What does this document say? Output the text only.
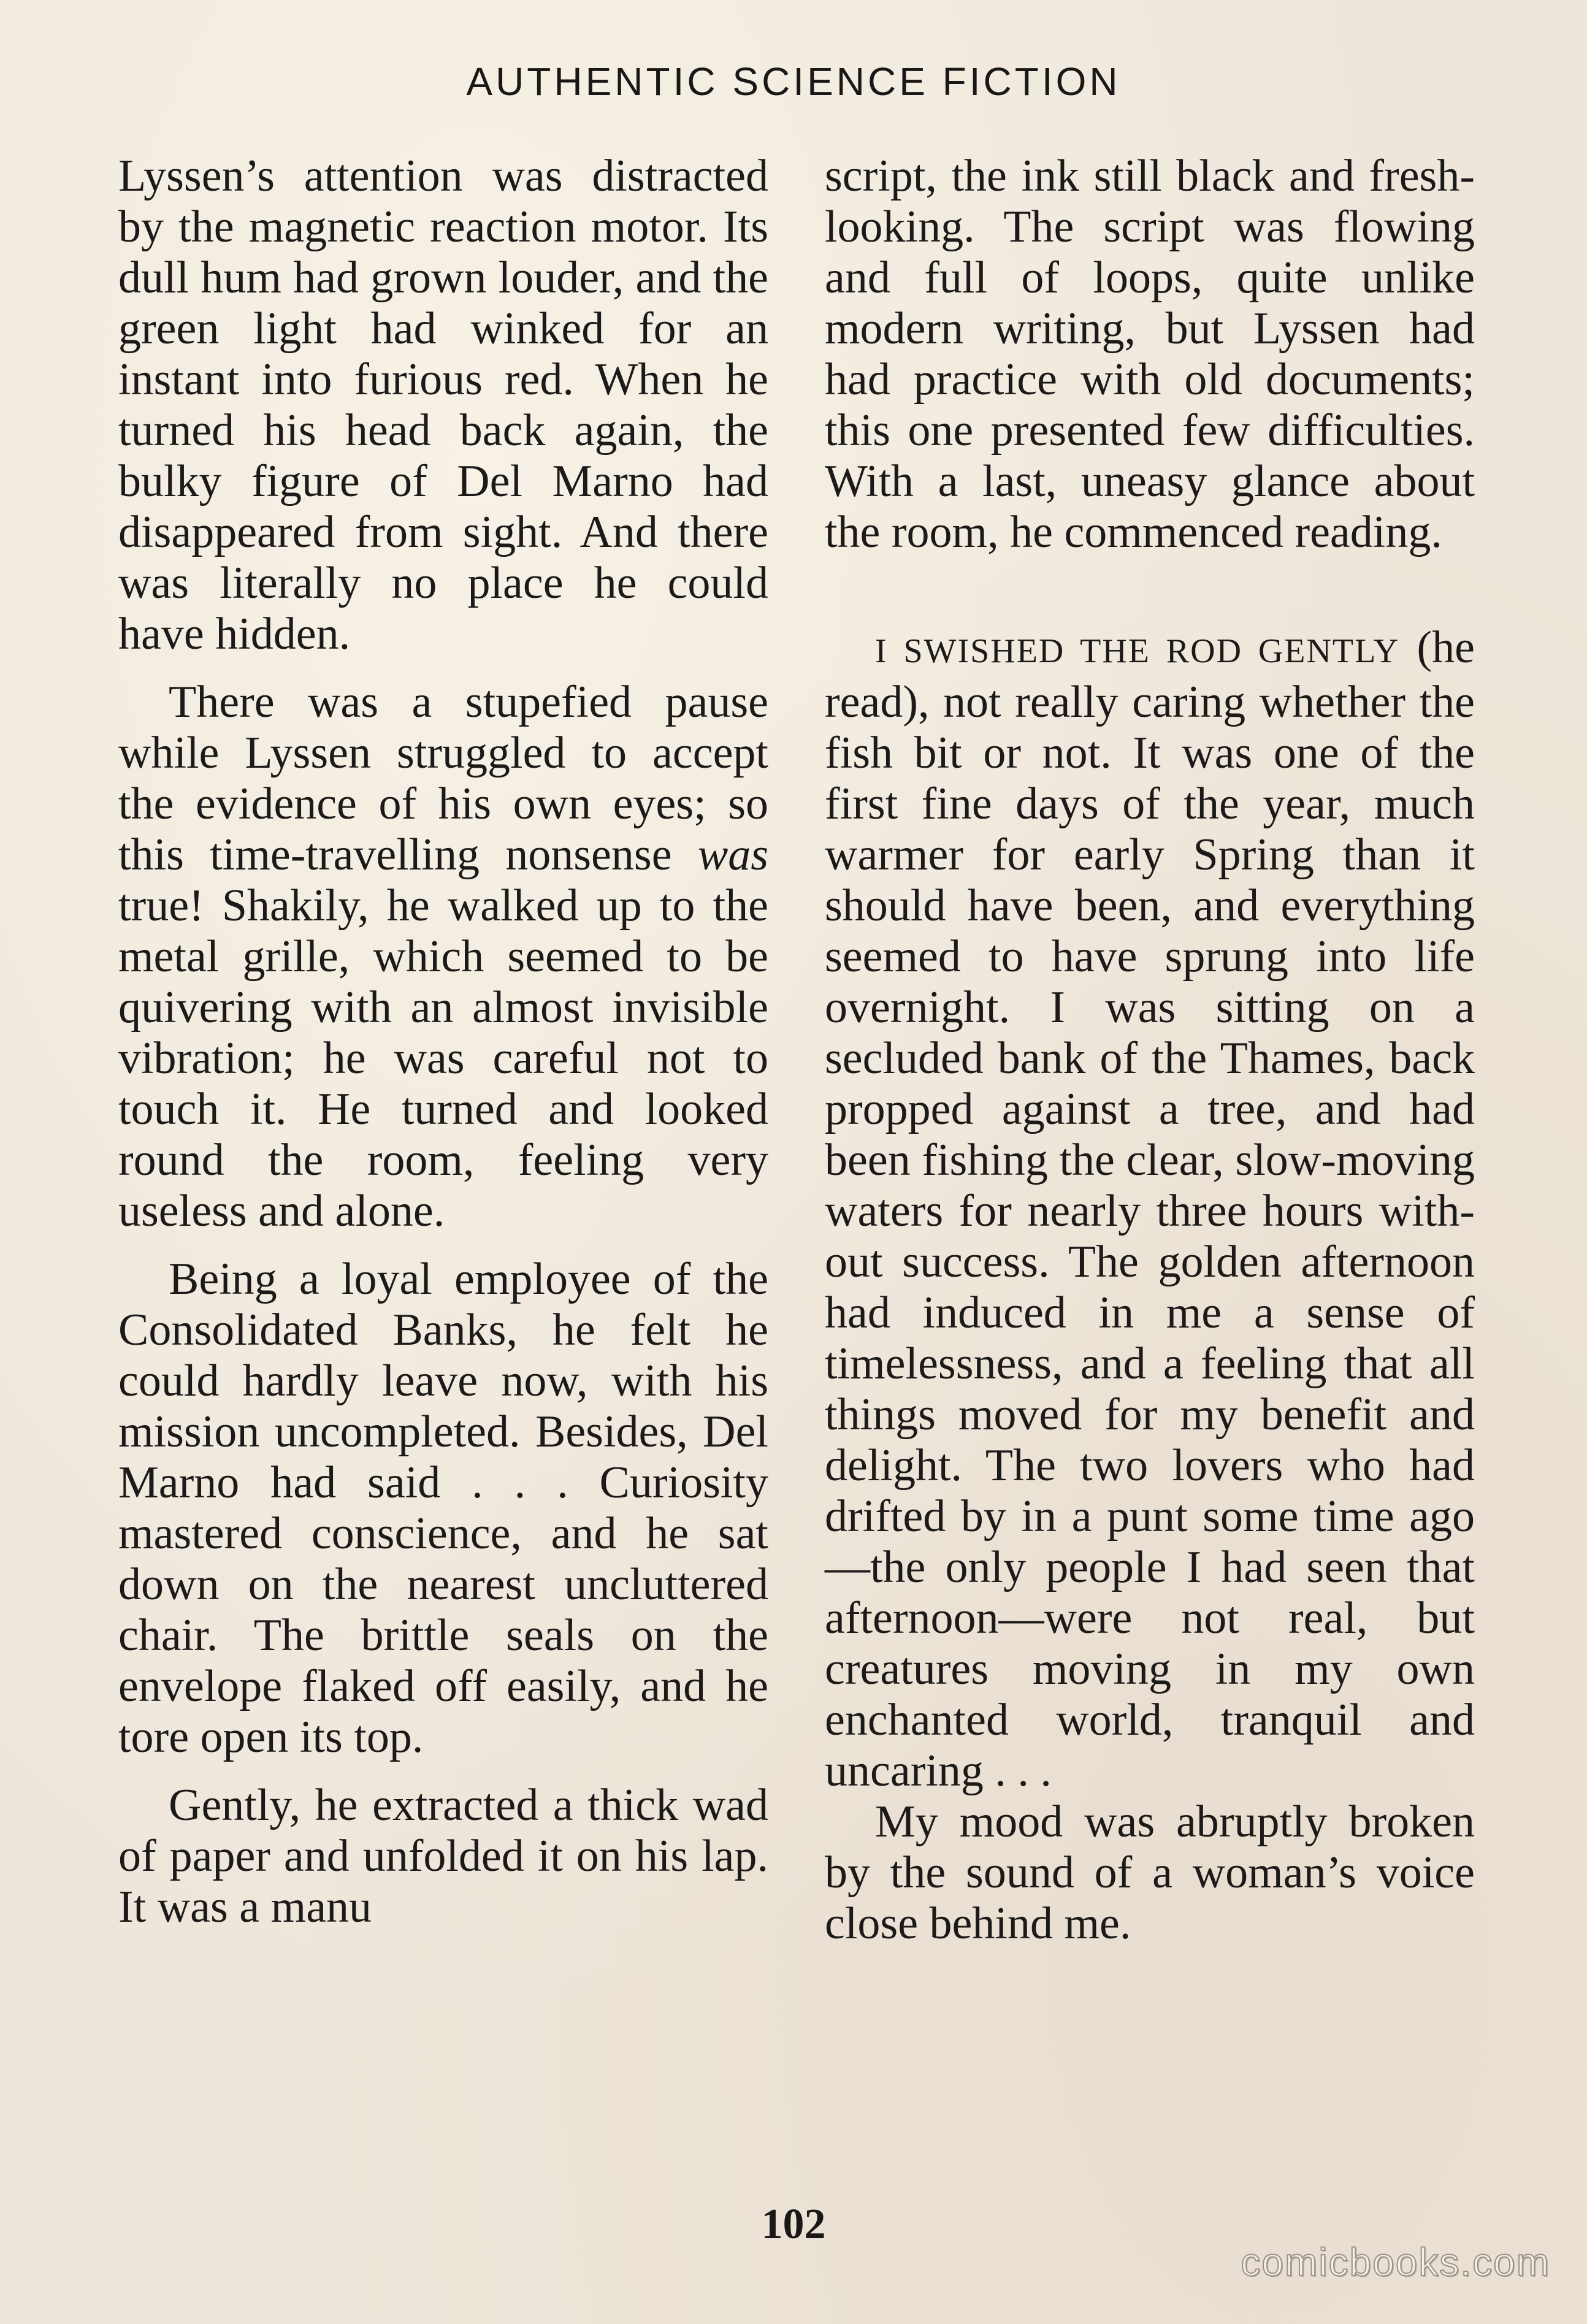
AUTHENTIC SCIENCE FICTION

Lyssen’s attention was distracted by the magnetic reaction motor. Its dull hum had grown louder, and the green light had winked for an instant into furious red. When he turned his head back again, the bulky figure of Del Marno had disappeared from sight. And there was literally no place he could have hidden.

There was a stupefied pause while Lyssen struggled to accept the evidence of his own eyes; so this time-travelling nonsense was true! Shakily, he walked up to the metal grille, which seemed to be quivering with an almost invisible vibration; he was careful not to touch it. He turned and looked round the room, feeling very useless and alone.

Being a loyal employee of the Consolidated Banks, he felt he could hardly leave now, with his mission uncompleted. Besides, Del Marno had said . . . Curiosity mastered conscience, and he sat down on the nearest uncluttered chair. The brittle seals on the envelope flaked off easily, and he tore open its top.

Gently, he extracted a thick wad of paper and unfolded it on his lap. It was a manu

script, the ink still black and fresh-looking. The script was flowing and full of loops, quite unlike modern writing, but Lyssen had had practice with old documents; this one presented few difficulties. With a last, uneasy glance about the room, he commenced reading.

I SWISHED THE ROD GENTLY (he read), not really caring whether the fish bit or not. It was one of the first fine days of the year, much warmer for early Spring than it should have been, and everything seemed to have sprung into life overnight. I was sitting on a secluded bank of the Thames, back propped against a tree, and had been fishing the clear, slow-moving waters for nearly three hours without success. The golden afternoon had induced in me a sense of timelessness, and a feeling that all things moved for my benefit and delight. The two lovers who had drifted by in a punt some time ago—the only people I had seen that afternoon—were not real, but creatures moving in my own enchanted world, tranquil and uncaring . . .

My mood was abruptly broken by the sound of a woman’s voice close behind me.

102
comicbooks.com
